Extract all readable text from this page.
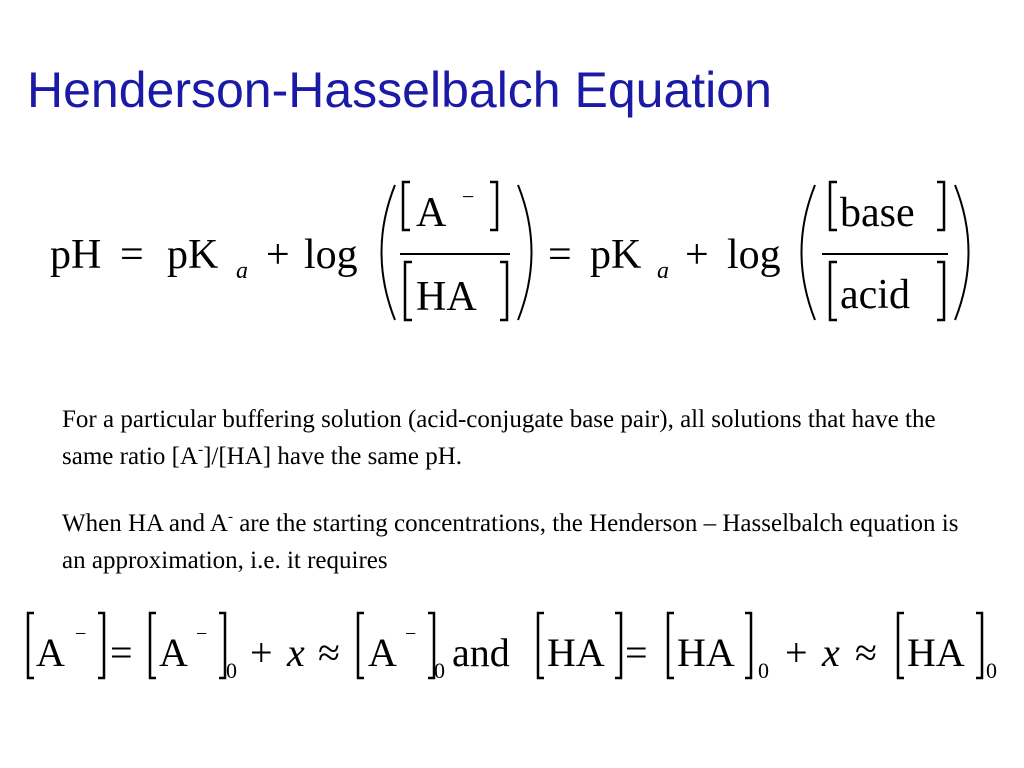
Henderson-Hasselbalch Equation
pH = pK a + log
A −
HA
= pK a + log
base
acid

For a particular buffering solution (acid-conjugate base pair), all solutions that have the same ratio [A-]/[HA] have the same pH.

When HA and A- are the starting concentrations, the Henderson – Hasselbalch equation is an approximation, i.e. it requires

A − = A −
0 + x ≈ A −
0 and HA = HA 0 + x ≈ HA 0
